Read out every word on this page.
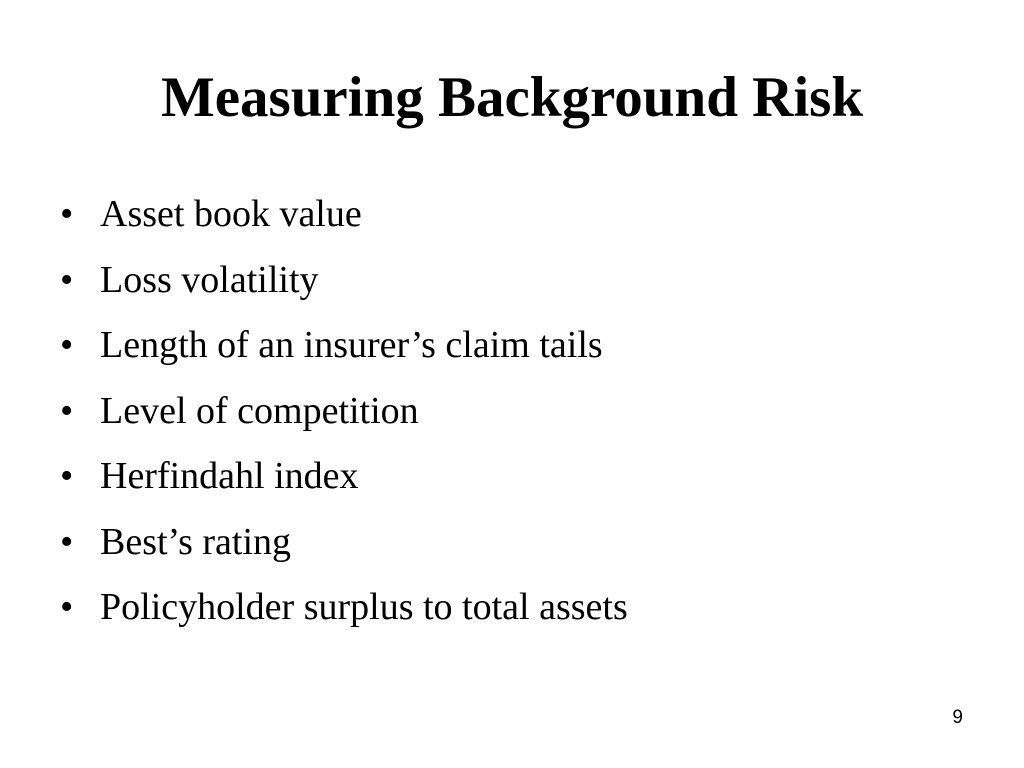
Measuring Background Risk
• Asset book value
• Loss volatility
• Length of an insurer’s claim tails
• Level of competition
• Herfindahl index
• Best’s rating
• Policyholder surplus to total assets
9
